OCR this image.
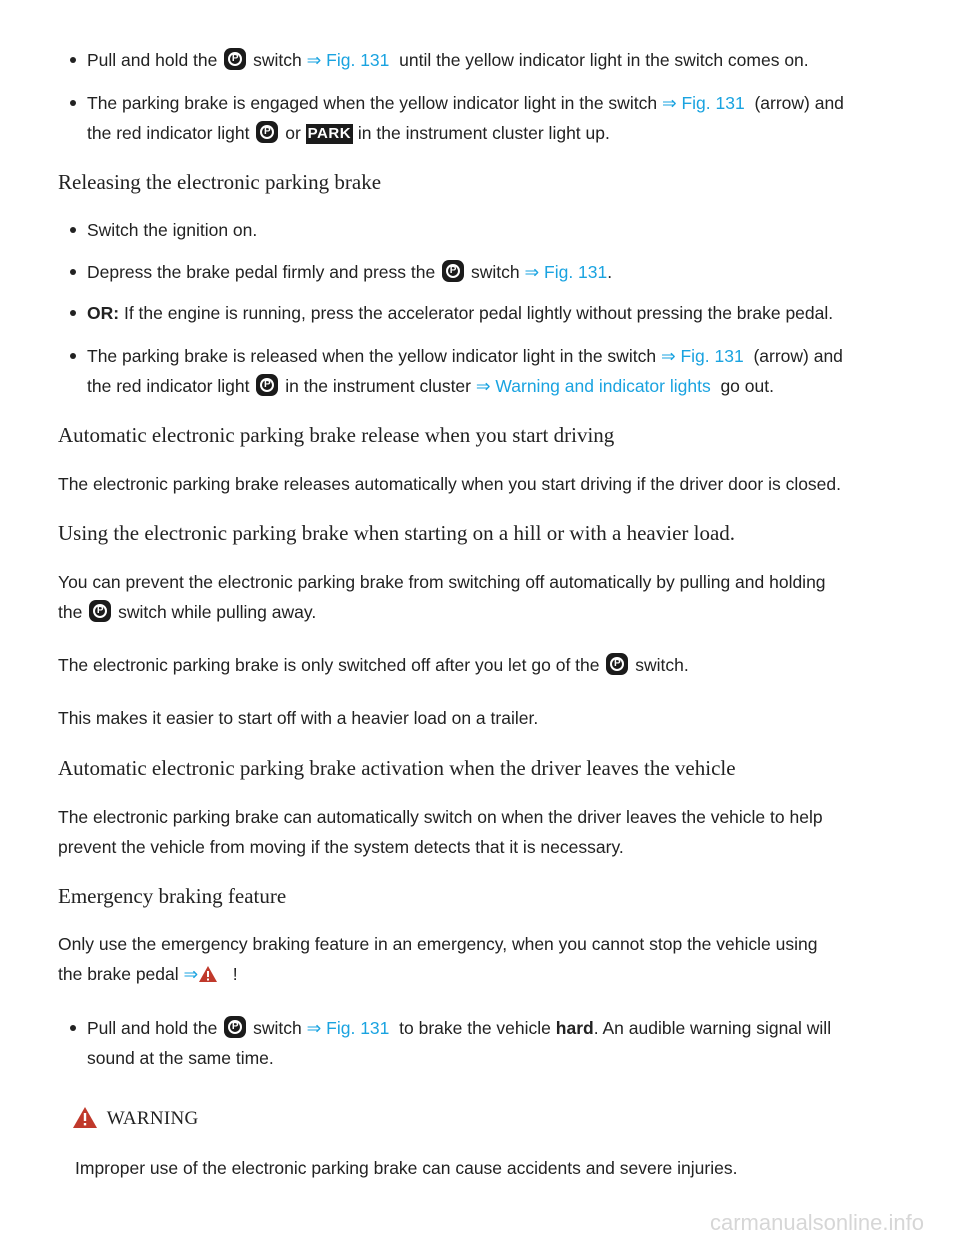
Pull and hold the	P switch ⇒ Fig. 131 until the yellow indicator light in the switch comes on.
The parking brake is engaged when the yellow indicator light in the switch ⇒ Fig. 131 (arrow) and
the red indicator light	P or PARK in the instrument cluster light up.
Releasing the electronic parking brake
Switch the ignition on.
Depress the brake pedal firmly and press the	P switch ⇒ Fig. 131.
OR: If the engine is running, press the accelerator pedal lightly without pressing the brake pedal.
The parking brake is released when the yellow indicator light in the switch ⇒ Fig. 131 (arrow) and
the red indicator light	P in the instrument cluster ⇒ Warning and indicator lights go out.
Automatic electronic parking brake release when you start driving
The electronic parking brake releases automatically when you start driving if the driver door is closed.
Using the electronic parking brake when starting on a hill or with a heavier load.
You can prevent the electronic parking brake from switching off automatically by pulling and holding
the	P switch while pulling away.
The electronic parking brake is only switched off after you let go of the	P switch.
This makes it easier to start off with a heavier load on a trailer.
Automatic electronic parking brake activation when the driver leaves the vehicle
The electronic parking brake can automatically switch on when the driver leaves the vehicle to help
prevent the vehicle from moving if the system detects that it is necessary.
Emergency braking feature
Only use the emergency braking feature in an emergency, when you cannot stop the vehicle using
the brake pedal ⇒ !
Pull and hold the	P switch ⇒ Fig. 131 to brake the vehicle hard. An audible warning signal will
sound at the same time.
WARNING
Improper use of the electronic parking brake can cause accidents and severe injuries.
carmanualsonline.info
